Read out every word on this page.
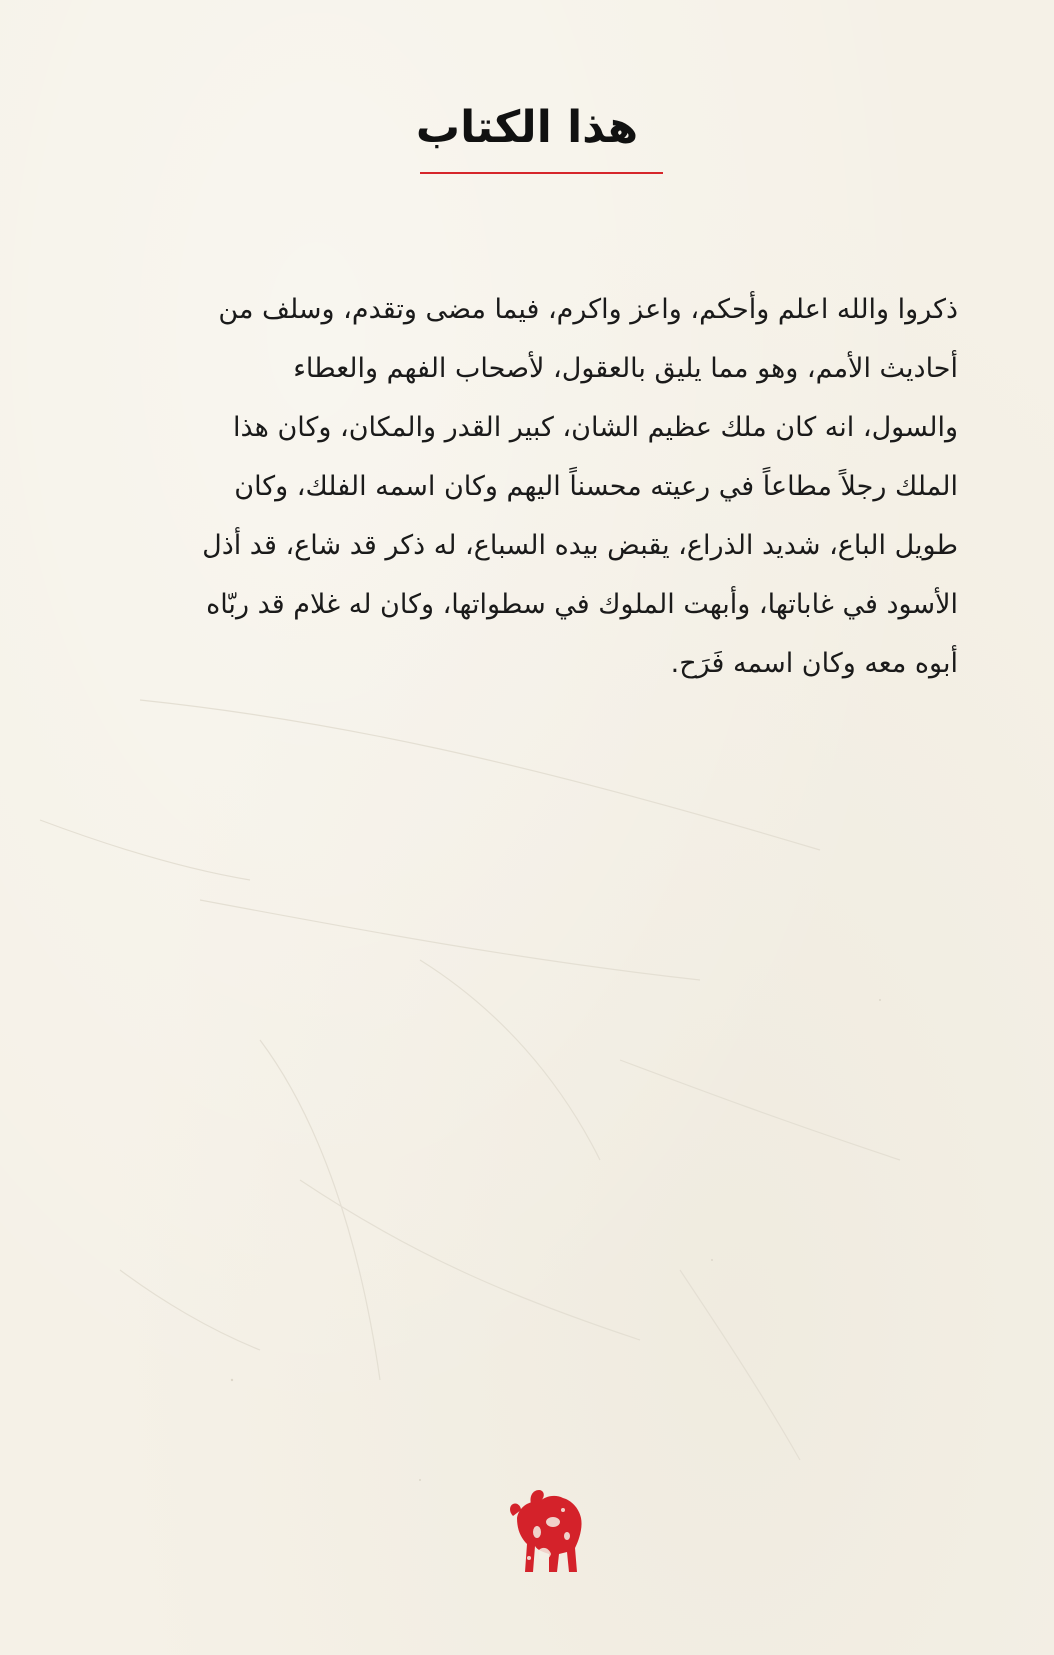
هذا الكتاب
ذكروا والله اعلم وأحكم، واعز واكرم، فيما مضى وتقدم، وسلف من
أحاديث الأمم، وهو مما يليق بالعقول، لأصحاب الفهم والعطاء
والسول، انه كان ملك عظيم الشان، كبير القدر والمكان، وكان هذا
الملك رجلاً مطاعاً في رعيته محسناً اليهم وكان اسمه الفلك، وكان
طويل الباع، شديد الذراع، يقبض بيده السباع، له ذكر قد شاع، قد أذل
الأسود في غاباتها، وأبهت الملوك في سطواتها، وكان له غلام قد ربّاه
أبوه معه وكان اسمه فَرَح.
